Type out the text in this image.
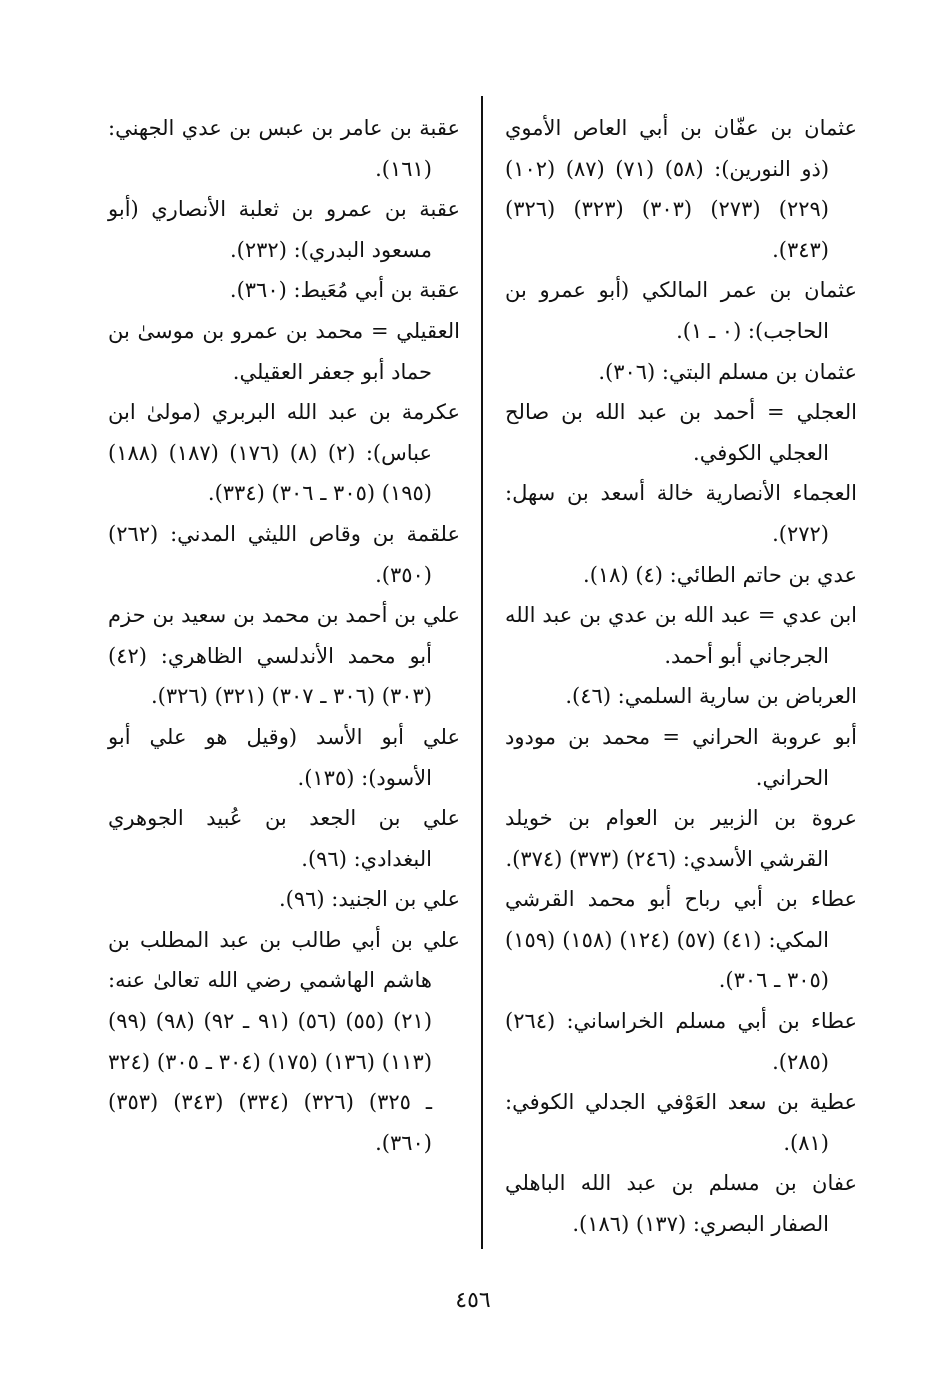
عثمان بن عفّان بن أبي العاص الأموي (ذو النورين): (٥٨) (٧١) (٨٧) (١٠٢) (٢٢٩) (٢٧٣) (٣٠٣) (٣٢٣) (٣٢٦) (٣٤٣).

عثمان بن عمر المالكي (أبو عمرو بن الحاجب): (٠ ـ ١).

عثمان بن مسلم البتي: (٣٠٦).

العجلي = أحمد بن عبد الله بن صالح العجلي الكوفي.

العجماء الأنصارية خالة أسعد بن سهل: (٢٧٢).

عدي بن حاتم الطائي: (٤) (١٨).

ابن عدي = عبد الله بن عدي بن عبد الله الجرجاني أبو أحمد.

العرباض بن سارية السلمي: (٤٦).

أبو عروبة الحراني = محمد بن مودود الحراني.

عروة بن الزبير بن العوام بن خويلد القرشي الأسدي: (٢٤٦) (٣٧٣) (٣٧٤).

عطاء بن أبي رباح أبو محمد القرشي المكي: (٤١) (٥٧) (١٢٤) (١٥٨) (١٥٩) (٣٠٥ ـ ٣٠٦).

عطاء بن أبي مسلم الخراساني: (٢٦٤) (٢٨٥).

عطية بن سعد العَوْفي الجدلي الكوفي: (٨١).

عفان بن مسلم بن عبد الله الباهلي الصفار البصري: (١٣٧) (١٨٦).

عقبة بن عامر بن عبس بن عدي الجهني: (١٦١).

عقبة بن عمرو بن ثعلبة الأنصاري (أبو مسعود البدري): (٢٣٢).

عقبة بن أبي مُعَيط: (٣٦٠).

العقيلي = محمد بن عمرو بن موسىٰ بن حماد أبو جعفر العقيلي.

عكرمة بن عبد الله البربري (مولىٰ ابن عباس): (٢) (٨) (١٧٦) (١٨٧) (١٨٨) (١٩٥) (٣٠٥ ـ ٣٠٦) (٣٣٤).

علقمة بن وقاص الليثي المدني: (٢٦٢) (٣٥٠).

علي بن أحمد بن محمد بن سعيد بن حزم أبو محمد الأندلسي الظاهري: (٤٢) (٣٠٣) (٣٠٦ ـ ٣٠٧) (٣٢١) (٣٢٦).

علي أبو الأسد (وقيل هو علي أبو الأسود): (١٣٥).

علي بن الجعد بن عُبيد الجوهري البغدادي: (٩٦).

علي بن الجنيد: (٩٦).

علي بن أبي طالب بن عبد المطلب بن هاشم الهاشمي رضي الله تعالىٰ عنه: (٢١) (٥٥) (٥٦) (٩١ ـ ٩٢) (٩٨) (٩٩) (١١٣) (١٣٦) (١٧٥) (٣٠٤ ـ ٣٠٥) (٣٢٤ ـ ٣٢٥) (٣٢٦) (٣٣٤) (٣٤٣) (٣٥٣) (٣٦٠).

٤٥٦
